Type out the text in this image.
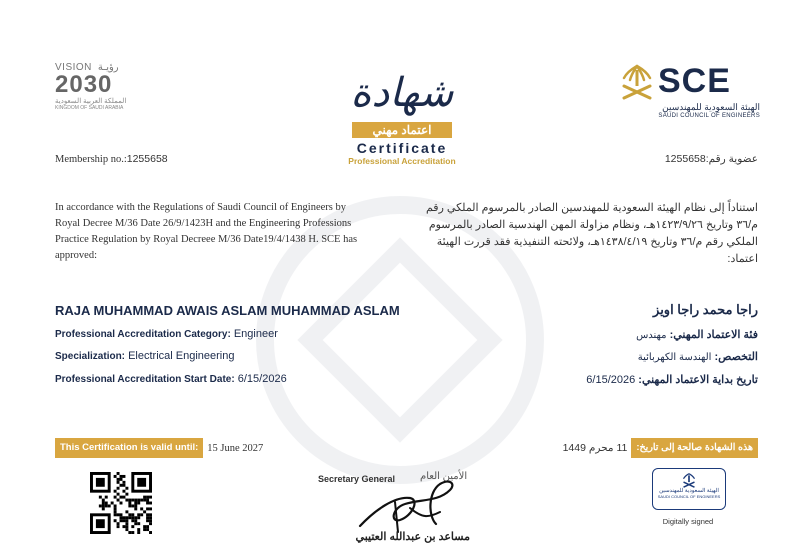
VISION رؤيـة
2030
المملكة العربية السعودية
KINGDOM OF SAUDI ARABIA	شهادة
اعتماد مهني
Certificate
Professional Accreditation
SCE
الهيئة السعودية للمهندسين
SAUDI COUNCIL OF ENGINEERS
Membership no.:1255658	عضوية رقم:1255658
In accordance with the Regulations of Saudi Council of Engineers by Royal Decree M/36 Date 26/9/1423H and the Engineering Professions Practice Regulation by Royal Decreee M/36 Date19/4/1438 H. SCE has approved:
استناداً إلى نظام الهيئة السعودية للمهندسين الصادر بالمرسوم الملكي رقم م/٣٦ وتاريخ ١٤٢٣/٩/٢٦هـ، ونظام مزاولة المهن الهندسية الصادر بالمرسوم الملكي رقم م/٣٦ وتاريخ ١٤٣٨/٤/١٩هـ، ولائحته التنفيذية فقد قررت الهيئة اعتماد:
RAJA MUHAMMAD AWAIS ASLAM MUHAMMAD ASLAM	راجا محمد راجا اويز
Professional Accreditation Category: Engineer
Specialization: Electrical Engineering
Professional Accreditation Start Date: 6/15/2026
فئة الاعتماد المهني: مهندس
التخصص: الهندسة الكهربائية
تاريخ بداية الاعتماد المهني: 6/15/2026
This Certification is valid until: 15 June 2027	هذه الشهادة صالحة إلى تاريخ:
11 محرم 1449
Secretary General الأمين العام
مساعد بن عبدالله العتيبي
الهيئة السعودية للمهندسين
SAUDI COUNCIL OF ENGINEERS
Digitally signed
